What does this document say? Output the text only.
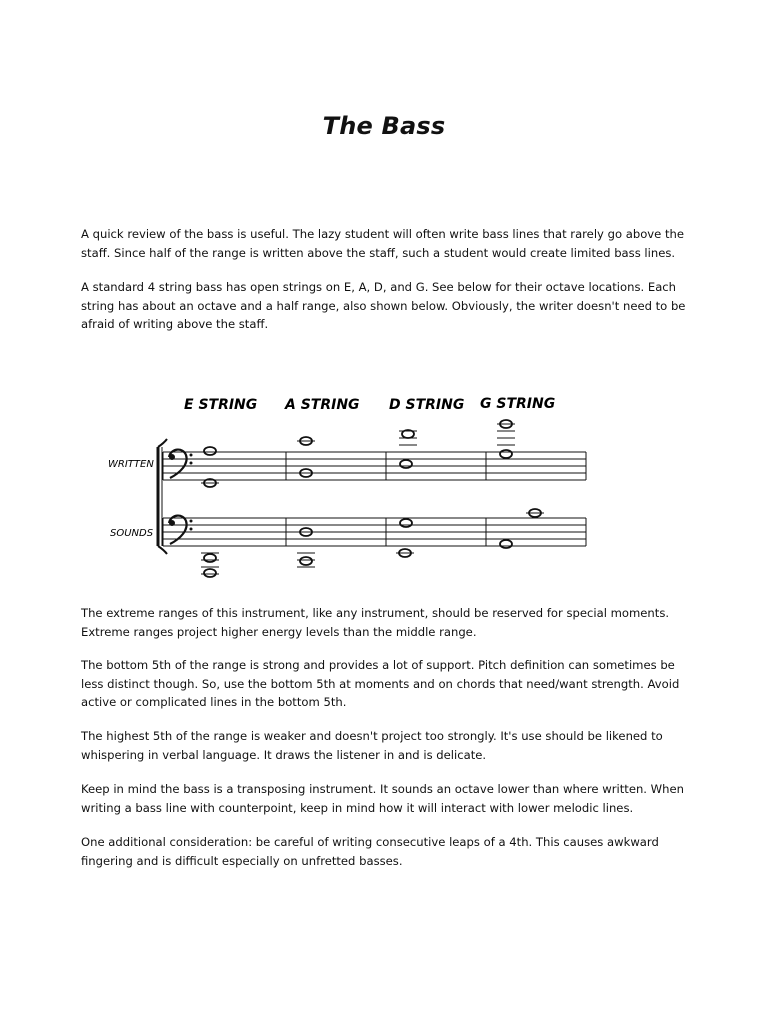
The Bass

A quick review of the bass is useful. The lazy student will often write bass lines that rarely go above the staff. Since half of the range is written above the staff, such a student would create limited bass lines.

A standard 4 string bass has open strings on E, A, D, and G. See below for their octave locations. Each string has about an octave and a half range, also shown below. Obviously, the writer doesn't need to be afraid of writing above the staff.

E STRING A STRING D STRING G STRING
WRITTEN
SOUNDS

The extreme ranges of this instrument, like any instrument, should be reserved for special moments. Extreme ranges project higher energy levels than the middle range.

The bottom 5th of the range is strong and provides a lot of support. Pitch definition can sometimes be less distinct though. So, use the bottom 5th at moments and on chords that need/want strength. Avoid active or complicated lines in the bottom 5th.

The highest 5th of the range is weaker and doesn't project too strongly. It's use should be likened to whispering in verbal language. It draws the listener in and is delicate.

Keep in mind the bass is a transposing instrument. It sounds an octave lower than where written. When writing a bass line with counterpoint, keep in mind how it will interact with lower melodic lines.

One additional consideration: be careful of writing consecutive leaps of a 4th. This causes awkward fingering and is difficult especially on unfretted basses.
